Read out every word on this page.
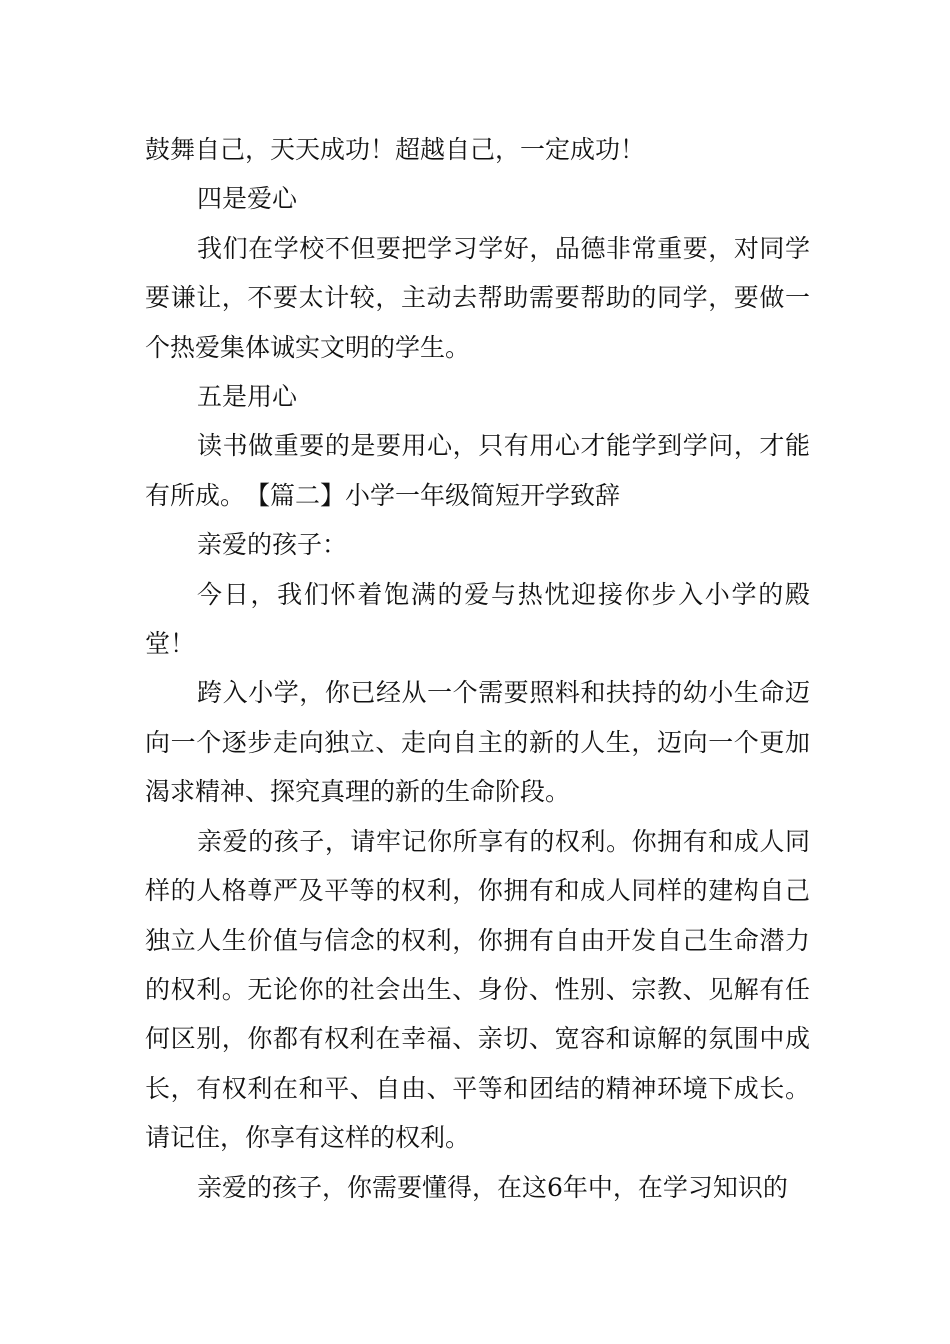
鼓舞自己，天天成功！超越自己，一定成功！

四是爱心

我们在学校不但要把学习学好，品德非常重要，对同学要谦让，不要太计较，主动去帮助需要帮助的同学，要做一个热爱集体诚实文明的学生。

五是用心

读书做重要的是要用心，只有用心才能学到学问，才能有所成。　【篇二】小学一年级简短开学致辞

亲爱的孩子：

今日，我们怀着饱满的爱与热忱迎接你步入小学的殿堂！

跨入小学，你已经从一个需要照料和扶持的幼小生命迈向一个逐步走向独立、走向自主的新的人生，迈向一个更加渴求精神、探究真理的新的生命阶段。

亲爱的孩子，请牢记你所享有的权利。你拥有和成人同样的人格尊严及平等的权利，你拥有和成人同样的建构自己独立人生价值与信念的权利，你拥有自由开发自己生命潜力的权利。无论你的社会出生、身份、性别、宗教、见解有任何区别，你都有权利在幸福、亲切、宽容和谅解的氛围中成长，有权利在和平、自由、平等和团结的精神环境下成长。请记住，你享有这样的权利。

亲爱的孩子，你需要懂得，在这6年中，在学习知识的
